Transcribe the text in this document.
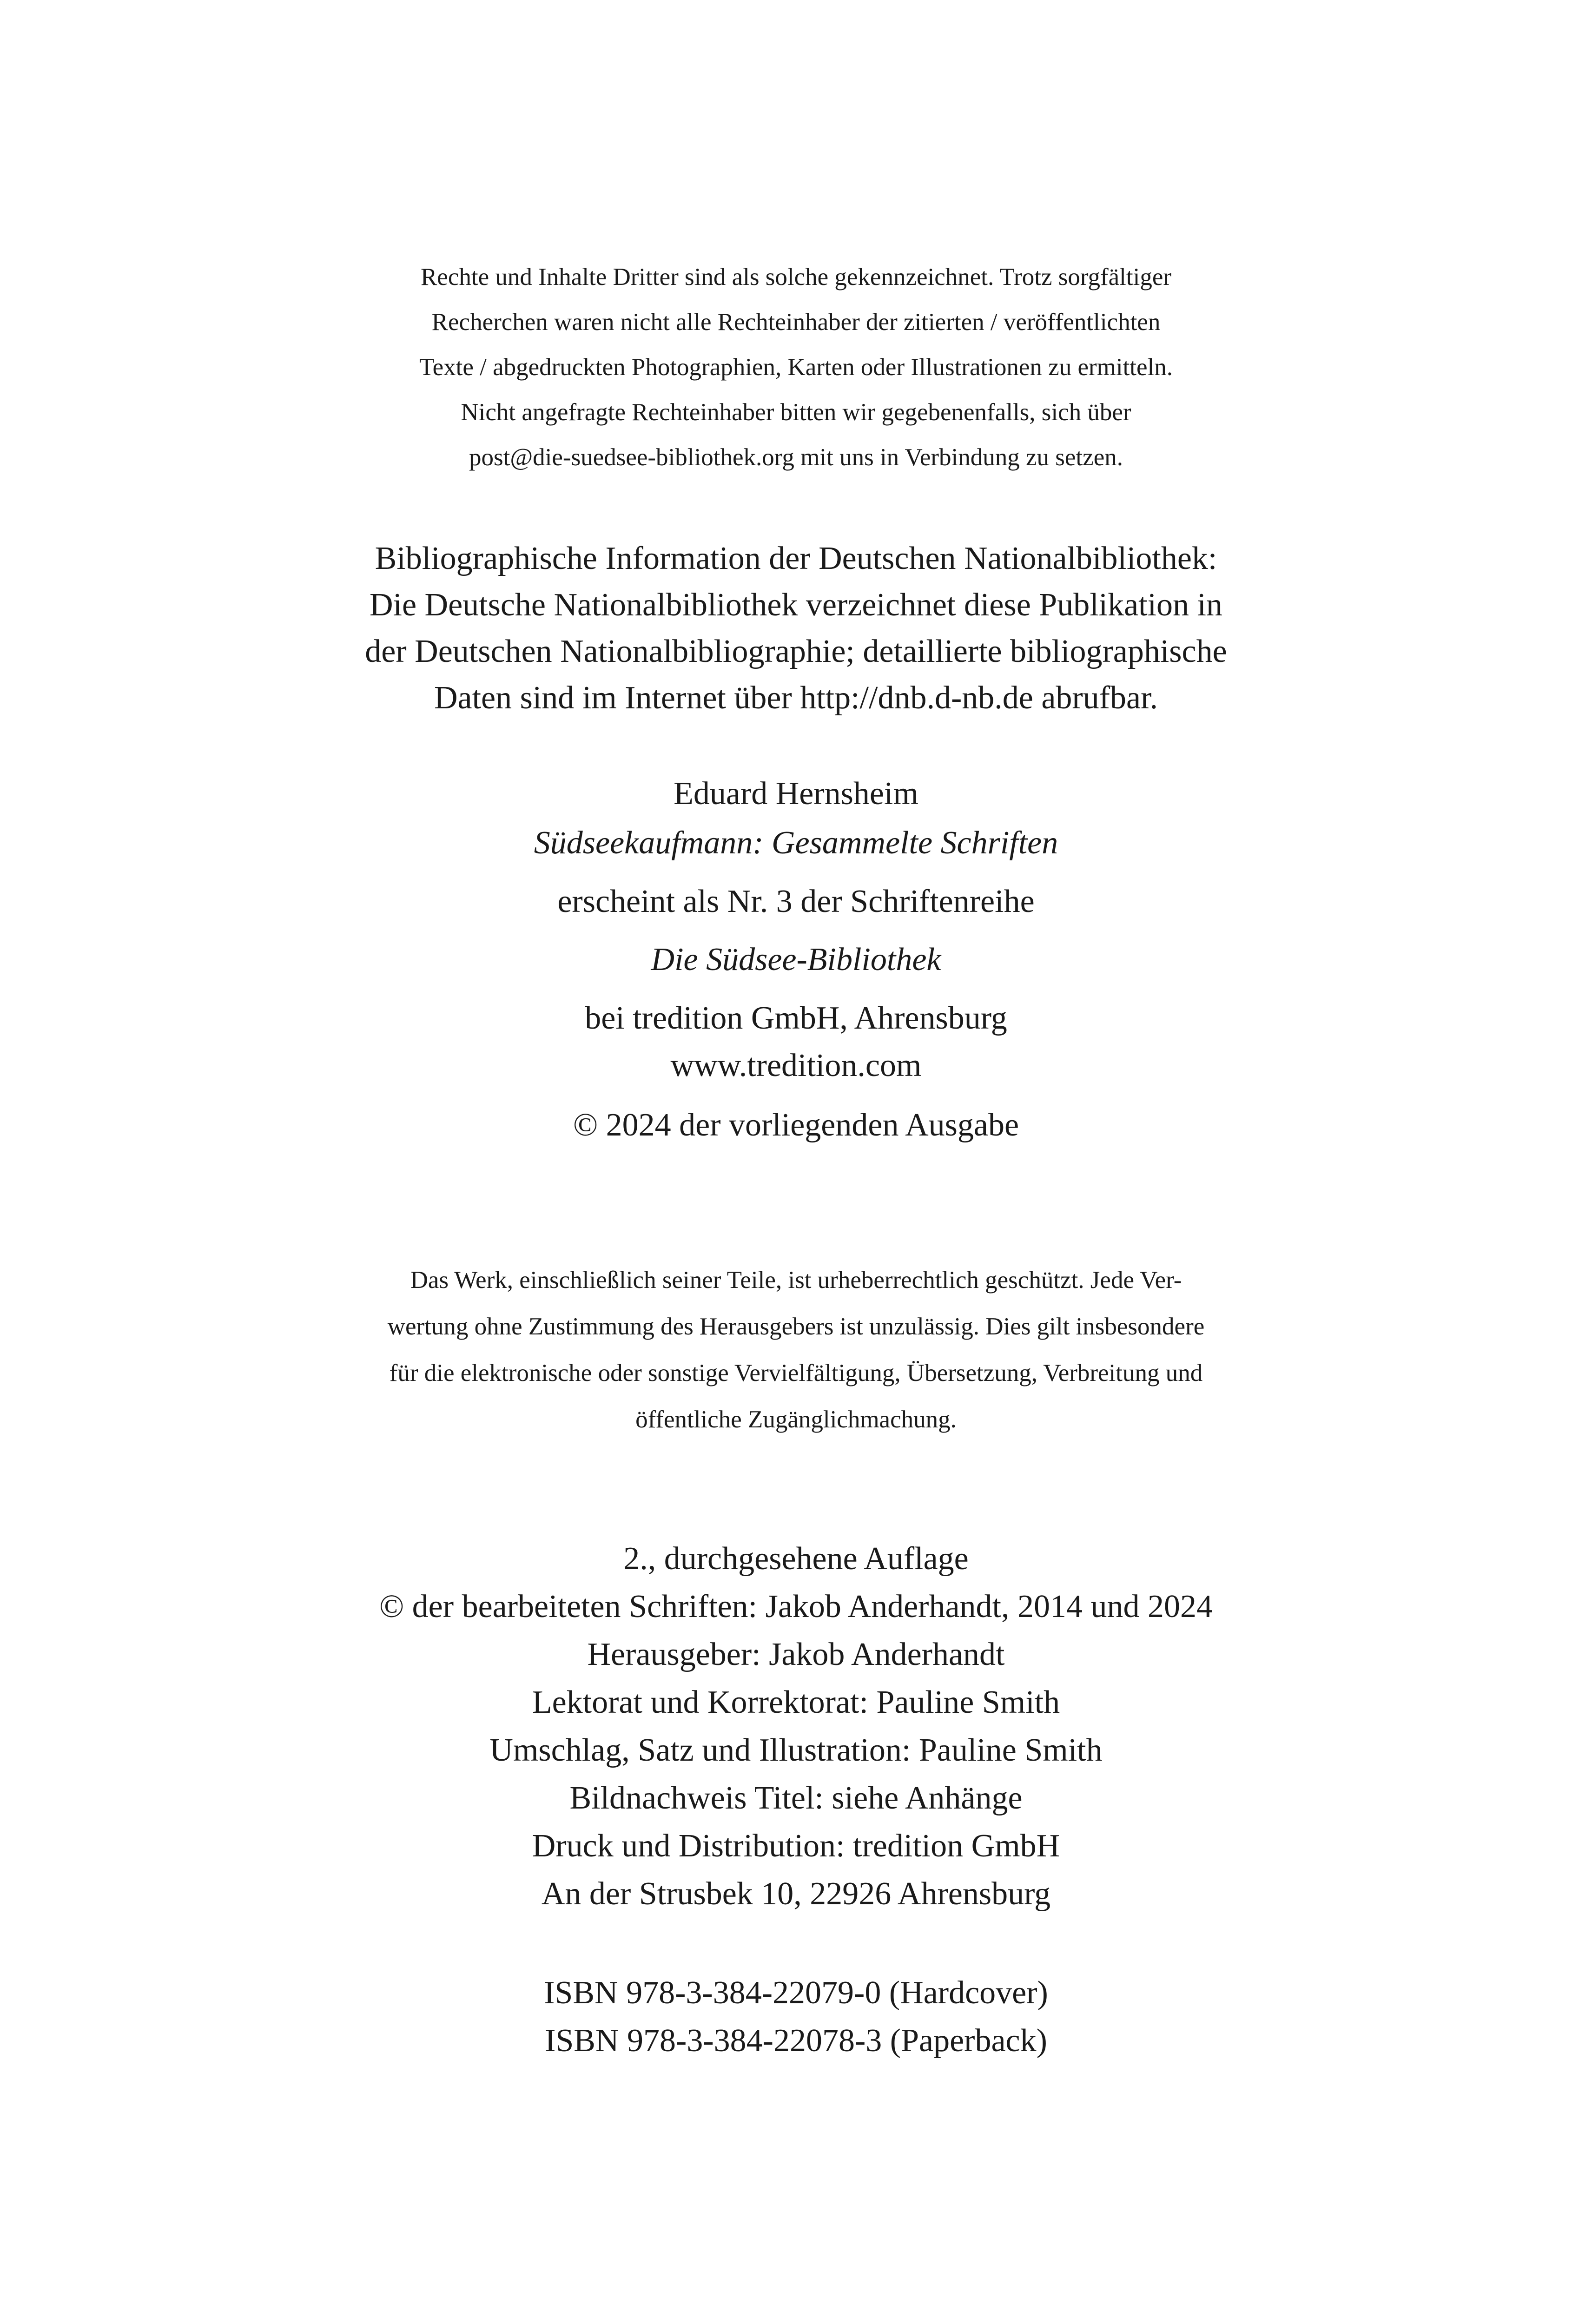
Rechte und Inhalte Dritter sind als solche gekennzeichnet. Trotz sorgfältiger
Recherchen waren nicht alle Rechteinhaber der zitierten / veröffentlichten
Texte / abgedruckten Photographien, Karten oder Illustrationen zu ermitteln.
Nicht angefragte Rechteinhaber bitten wir gegebenenfalls, sich über
post@die-suedsee-bibliothek.org mit uns in Verbindung zu setzen.
Bibliographische Information der Deutschen Nationalbibliothek:
Die Deutsche Nationalbibliothek verzeichnet diese Publikation in
der Deutschen Nationalbibliographie; detaillierte bibliographische
Daten sind im Internet über http://dnb.d-nb.de abrufbar.
Eduard Hernsheim
Südseekaufmann: Gesammelte Schriften
erscheint als Nr. 3 der Schriftenreihe
Die Südsee-Bibliothek
bei tredition GmbH, Ahrensburg
www.tredition.com
© 2024 der vorliegenden Ausgabe
Das Werk, einschließlich seiner Teile, ist urheberrechtlich geschützt. Jede Ver-
wertung ohne Zustimmung des Herausgebers ist unzulässig. Dies gilt insbesondere
für die elektronische oder sonstige Vervielfältigung, Übersetzung, Verbreitung und
öffentliche Zugänglichmachung.
2., durchgesehene Auflage
© der bearbeiteten Schriften: Jakob Anderhandt, 2014 und 2024
Herausgeber: Jakob Anderhandt
Lektorat und Korrektorat: Pauline Smith
Umschlag, Satz und Illustration: Pauline Smith
Bildnachweis Titel: siehe Anhänge
Druck und Distribution: tredition GmbH
An der Strusbek 10, 22926 Ahrensburg
ISBN 978-3-384-22079-0 (Hardcover)
ISBN 978-3-384-22078-3 (Paperback)
